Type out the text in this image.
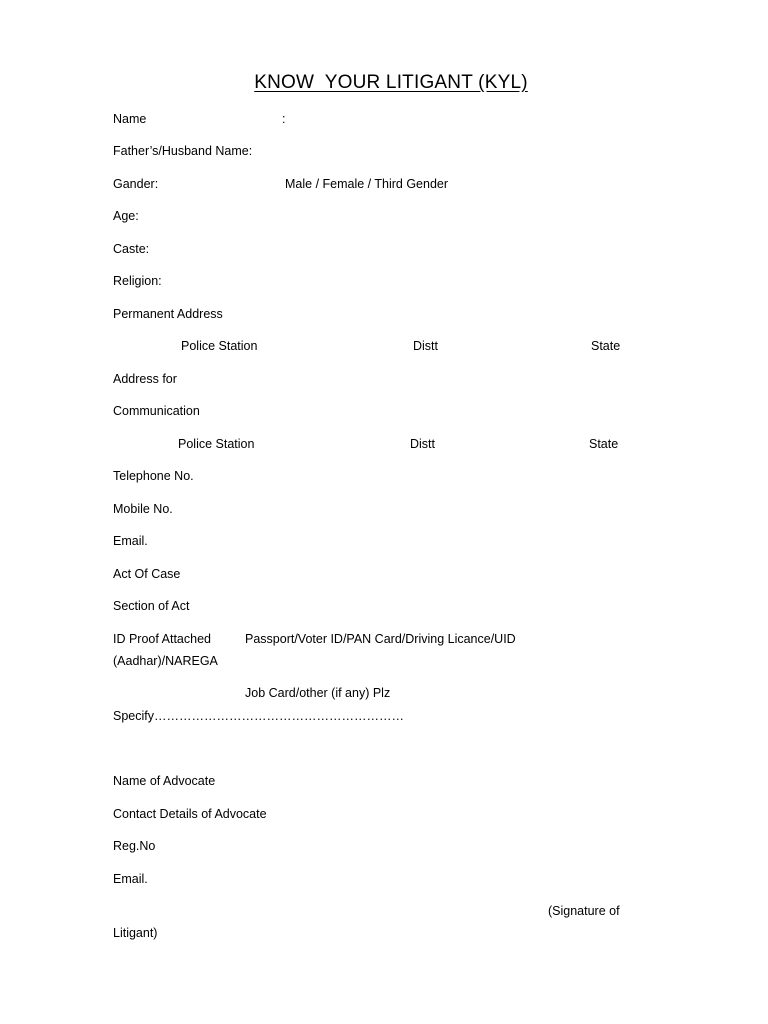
KNOW  YOUR LITIGANT (KYL)
Name	:
Father’s/Husband Name:
Gander:	Male / Female / Third Gender
Age:
Caste:
Religion:
Permanent Address
Police Station	Distt	State
Address for
Communication
Police Station	Distt	State
Telephone No.
Mobile No.
Email.
Act Of Case
Section of Act
ID Proof Attached	Passport/Voter ID/PAN Card/Driving Licance/UID
(Aadhar)/NAREGA
Job Card/other (if any) Plz
Specify……………………………………………………
Name of Advocate
Contact Details of Advocate
Reg.No
Email.
(Signature of
Litigant)
